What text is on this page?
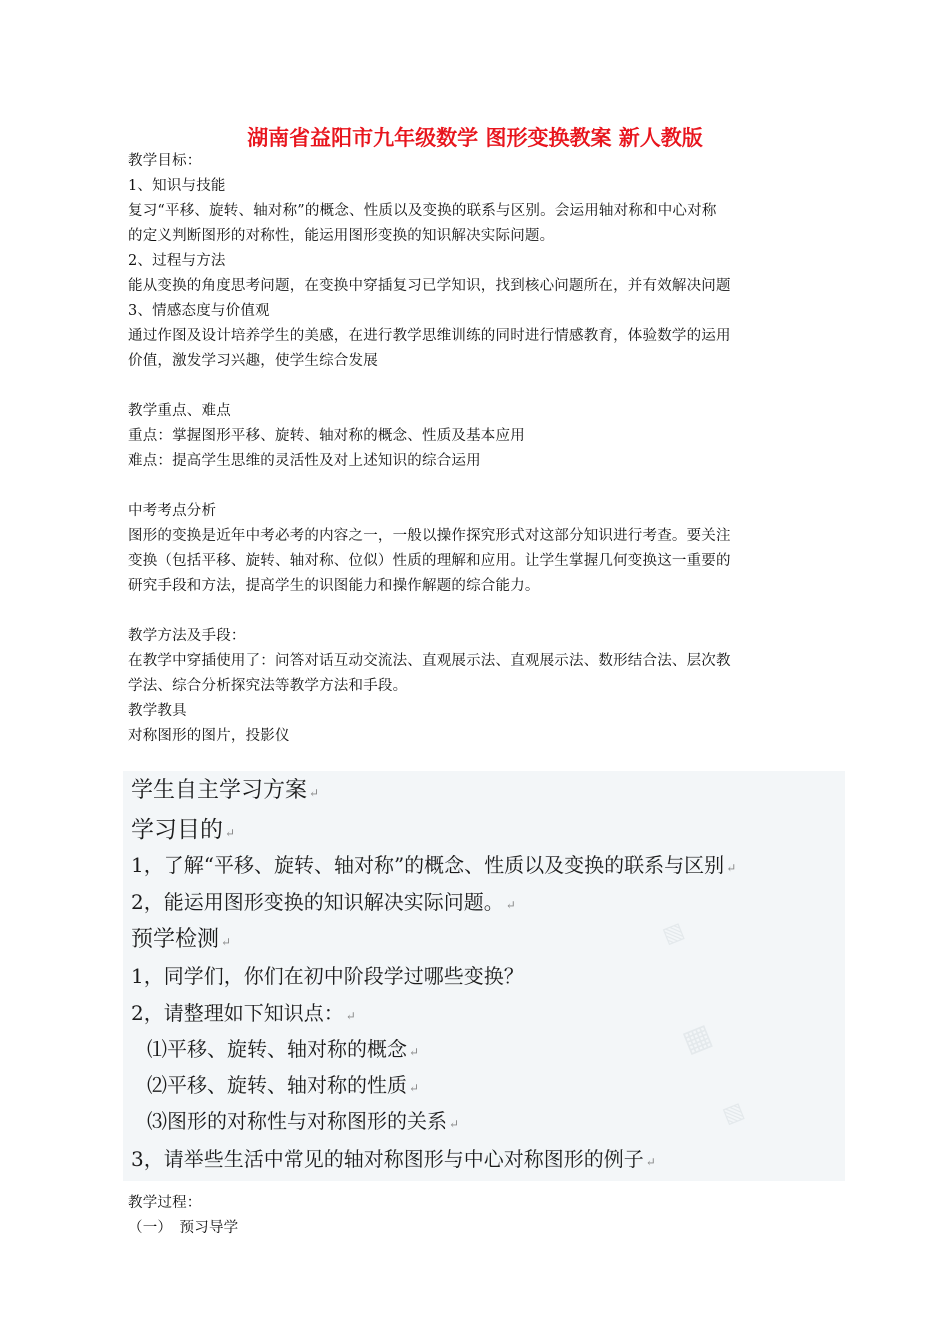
湖南省益阳市九年级数学 图形变换教案 新人教版
教学目标：
1、知识与技能
复习“平移、旋转、轴对称”的概念、性质以及变换的联系与区别。会运用轴对称和中心对称
的定义判断图形的对称性，能运用图形变换的知识解决实际问题。
2、过程与方法
能从变换的角度思考问题，在变换中穿插复习已学知识，找到核心问题所在，并有效解决问题
3、情感态度与价值观
通过作图及设计培养学生的美感，在进行教学思维训练的同时进行情感教育，体验数学的运用
价值，激发学习兴趣，使学生综合发展
教学重点、难点
重点：掌握图形平移、旋转、轴对称的概念、性质及基本应用
难点：提高学生思维的灵活性及对上述知识的综合运用
中考考点分析
图形的变换是近年中考必考的内容之一，一般以操作探究形式对这部分知识进行考查。要关注
变换（包括平移、旋转、轴对称、位似）性质的理解和应用。让学生掌握几何变换这一重要的
研究手段和方法，提高学生的识图能力和操作解题的综合能力。
教学方法及手段：
在教学中穿插使用了：问答对话互动交流法、直观展示法、直观展示法、数形结合法、层次教
学法、综合分析探究法等教学方法和手段。
教学教具
对称图形的图片，投影仪
▧
▦
▧
学生自主学习方案 ↵
学习目的 ↵
1，了解“平移、旋转、轴对称”的概念、性质以及变换的联系与区别 ↵
2，能运用图形变换的知识解决实际问题。 ↵
预学检测 ↵
1，同学们，你们在初中阶段学过哪些变换？
2，请整理如下知识点： ↵
⑴平移、旋转、轴对称的概念 ↵
⑵平移、旋转、轴对称的性质 ↵
⑶图形的对称性与对称图形的关系 ↵
3，请举些生活中常见的轴对称图形与中心对称图形的例子 ↵
教学过程：
（一）　预习导学
